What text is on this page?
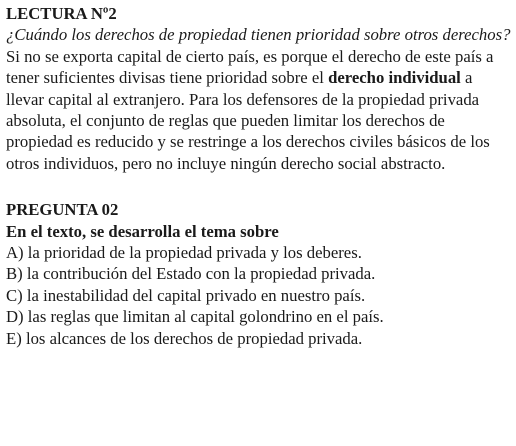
LECTURA Nº2

¿Cuándo los derechos de propiedad tienen prioridad sobre otros derechos? Si no se exporta capital de cierto país, es porque el derecho de este país a tener suficientes divisas tiene prioridad sobre el derecho individual a llevar capital al extranjero. Para los defensores de la propiedad privada absoluta, el conjunto de reglas que pueden limitar los derechos de propiedad es reducido y se restringe a los derechos civiles básicos de los otros individuos, pero no incluye ningún derecho social abstracto.

PREGUNTA 02

En el texto, se desarrolla el tema sobre

A) la prioridad de la propiedad privada y los deberes.
B) la contribución del Estado con la propiedad privada.
C) la inestabilidad del capital privado en nuestro país.
D) las reglas que limitan al capital golondrino en el país.
E) los alcances de los derechos de propiedad privada.
